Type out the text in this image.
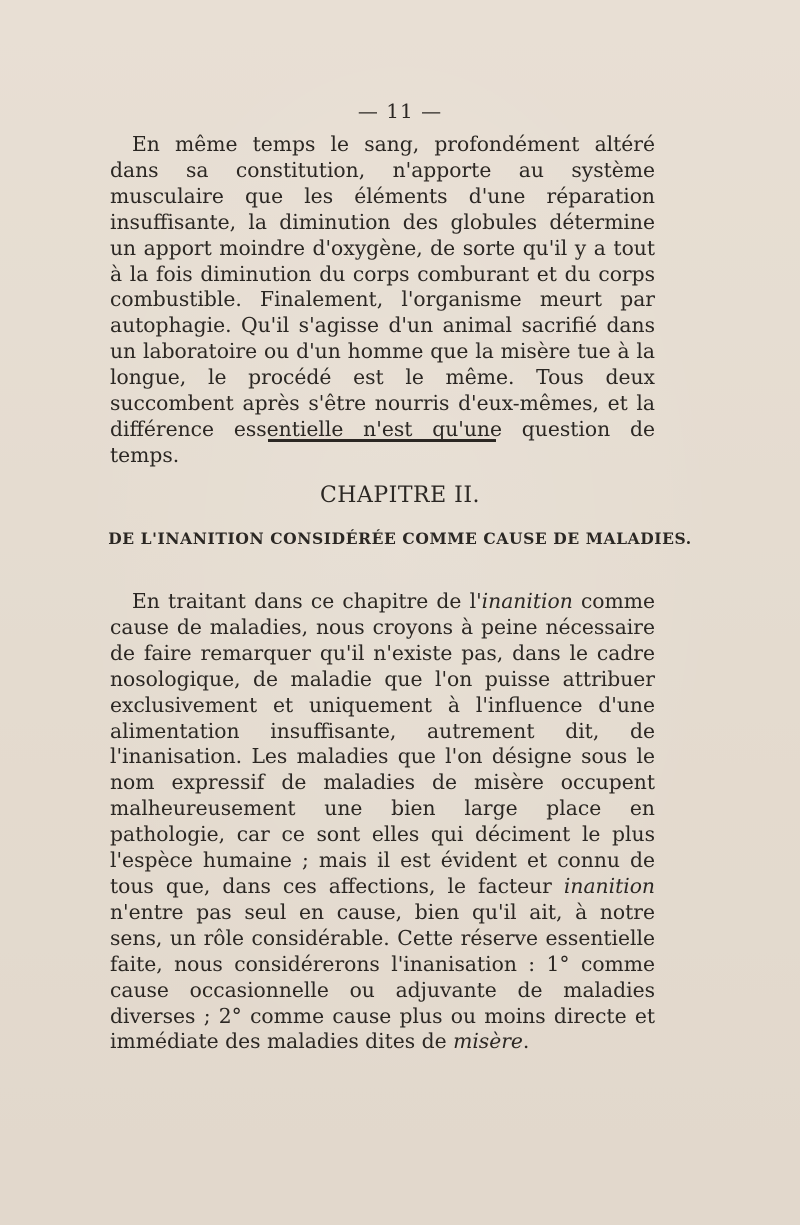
— 11 —

En même temps le sang, profondément altéré dans sa constitution, n'apporte au système musculaire que les éléments d'une réparation insuffisante, la diminution des globules détermine un apport moindre d'oxygène, de sorte qu'il y a tout à la fois diminution du corps comburant et du corps combustible. Finalement, l'organisme meurt par autophagie. Qu'il s'agisse d'un animal sacrifié dans un laboratoire ou d'un homme que la misère tue à la longue, le procédé est le même. Tous deux succombent après s'être nourris d'eux-mêmes, et la différence essentielle n'est qu'une question de temps.

CHAPITRE II.
DE L'INANITION CONSIDÉRÉE COMME CAUSE DE MALADIES.

En traitant dans ce chapitre de l'inanition comme cause de maladies, nous croyons à peine nécessaire de faire remarquer qu'il n'existe pas, dans le cadre nosologique, de maladie que l'on puisse attribuer exclusivement et uniquement à l'influence d'une alimentation insuffisante, autrement dit, de l'inanisation. Les maladies que l'on désigne sous le nom expressif de maladies de misère occupent malheureusement une bien large place en pathologie, car ce sont elles qui déciment le plus l'espèce humaine ; mais il est évident et connu de tous que, dans ces affections, le facteur inanition n'entre pas seul en cause, bien qu'il ait, à notre sens, un rôle considérable. Cette réserve essentielle faite, nous considérerons l'inanisation : 1° comme cause occasionnelle ou adjuvante de maladies diverses ; 2° comme cause plus ou moins directe et immédiate des maladies dites de misère.
